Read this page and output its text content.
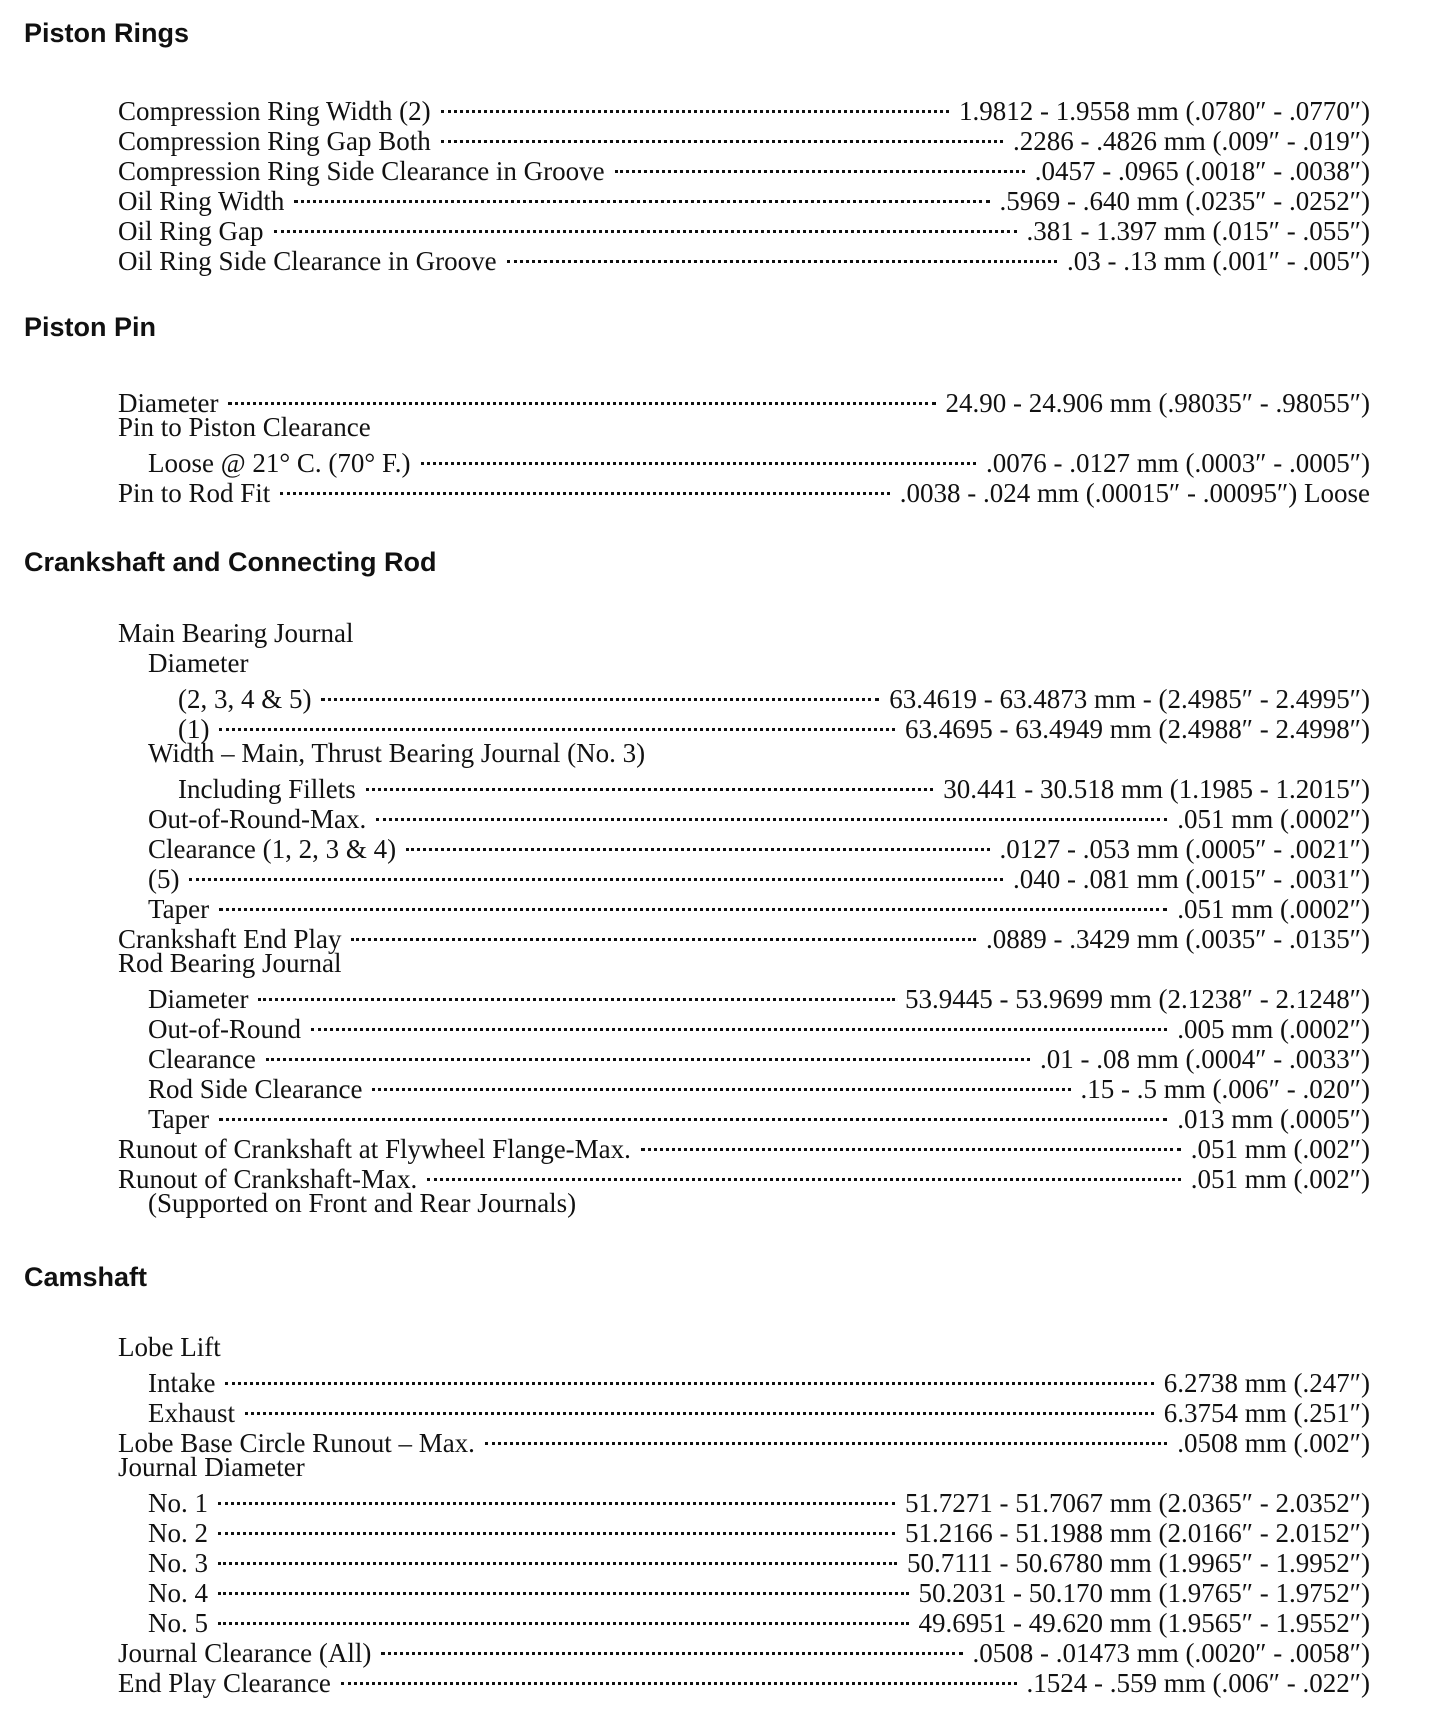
Piston Rings
Compression Ring Width (2)	1.9812 - 1.9558 mm (.0780″ - .0770″)
Compression Ring Gap Both	.2286 - .4826 mm (.009″ - .019″)
Compression Ring Side Clearance in Groove	.0457 - .0965 (.0018″ - .0038″)
Oil Ring Width	.5969 - .640 mm (.0235″ - .0252″)
Oil Ring Gap	.381 - 1.397 mm (.015″ - .055″)
Oil Ring Side Clearance in Groove	.03 - .13 mm (.001″ - .005″)
Piston Pin
Diameter	24.90 - 24.906 mm (.98035″ - .98055″)
Pin to Piston Clearance
Loose @ 21° C. (70° F.)	.0076 - .0127 mm (.0003″ - .0005″)
Pin to Rod Fit	.0038 - .024 mm (.00015″ - .00095″) Loose
Crankshaft and Connecting Rod
Main Bearing Journal
Diameter
(2, 3, 4 & 5)	63.4619 - 63.4873 mm - (2.4985″ - 2.4995″)
(1)	63.4695 - 63.4949 mm (2.4988″ - 2.4998″)
Width – Main, Thrust Bearing Journal (No. 3)
Including Fillets	30.441 - 30.518 mm (1.1985 - 1.2015″)
Out-of-Round-Max.	.051 mm (.0002″)
Clearance (1, 2, 3 & 4)	.0127 - .053 mm (.0005″ - .0021″)
(5)	.040 - .081 mm (.0015″ - .0031″)
Taper	.051 mm (.0002″)
Crankshaft End Play	.0889 - .3429 mm (.0035″ - .0135″)
Rod Bearing Journal
Diameter	53.9445 - 53.9699 mm (2.1238″ - 2.1248″)
Out-of-Round	.005 mm (.0002″)
Clearance	.01 - .08 mm (.0004″ - .0033″)
Rod Side Clearance	.15 - .5 mm (.006″ - .020″)
Taper	.013 mm (.0005″)
Runout of Crankshaft at Flywheel Flange-Max.	.051 mm (.002″)
Runout of Crankshaft-Max.	.051 mm (.002″)
(Supported on Front and Rear Journals)
Camshaft
Lobe Lift
Intake	6.2738 mm (.247″)
Exhaust	6.3754 mm (.251″)
Lobe Base Circle Runout – Max.	.0508 mm (.002″)
Journal Diameter
No. 1	51.7271 - 51.7067 mm (2.0365″ - 2.0352″)
No. 2	51.2166 - 51.1988 mm (2.0166″ - 2.0152″)
No. 3	50.7111 - 50.6780 mm (1.9965″ - 1.9952″)
No. 4	50.2031 - 50.170 mm (1.9765″ - 1.9752″)
No. 5	49.6951 - 49.620 mm (1.9565″ - 1.9552″)
Journal Clearance (All)	.0508 - .01473 mm (.0020″ - .0058″)
End Play Clearance	.1524 - .559 mm (.006″ - .022″)
